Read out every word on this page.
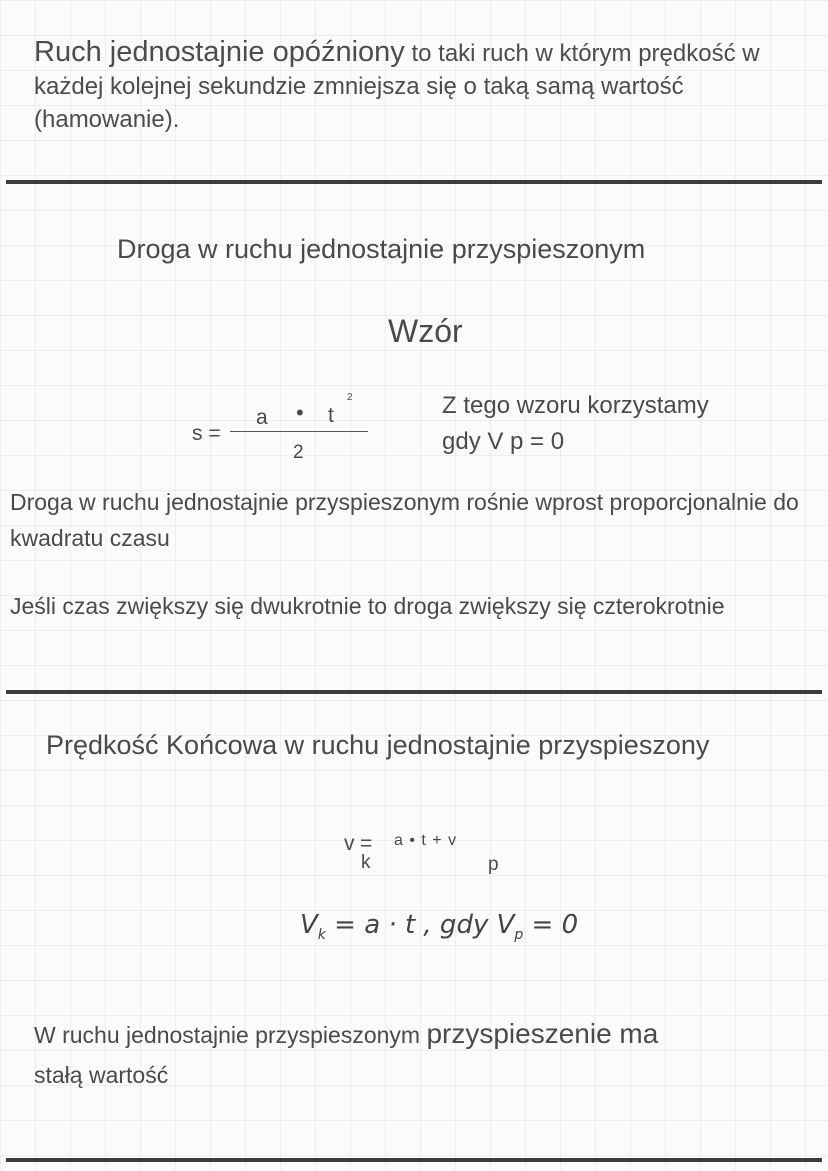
Ruch jednostajnie opóźniony to taki ruch w którym prędkość w każdej kolejnej sekundzie zmniejsza się o taką samą wartość (hamowanie).
Droga w ruchu jednostajnie przyspieszonym
Wzór
s =
a • t
2
2
Z tego wzoru korzystamy
gdy V p = 0
Droga w ruchu jednostajnie przyspieszonym rośnie wprost proporcjonalnie do kwadratu czasu
Jeśli czas zwiększy się dwukrotnie to droga zwiększy się czterokrotnie
Prędkość Końcowa w ruchu jednostajnie przyspieszony
v =
k
a • t + v
p
$V_k = a \cdot t$ , gdy $V_p = 0$
W ruchu jednostajnie przyspieszonym przyspieszenie ma
stałą wartość
